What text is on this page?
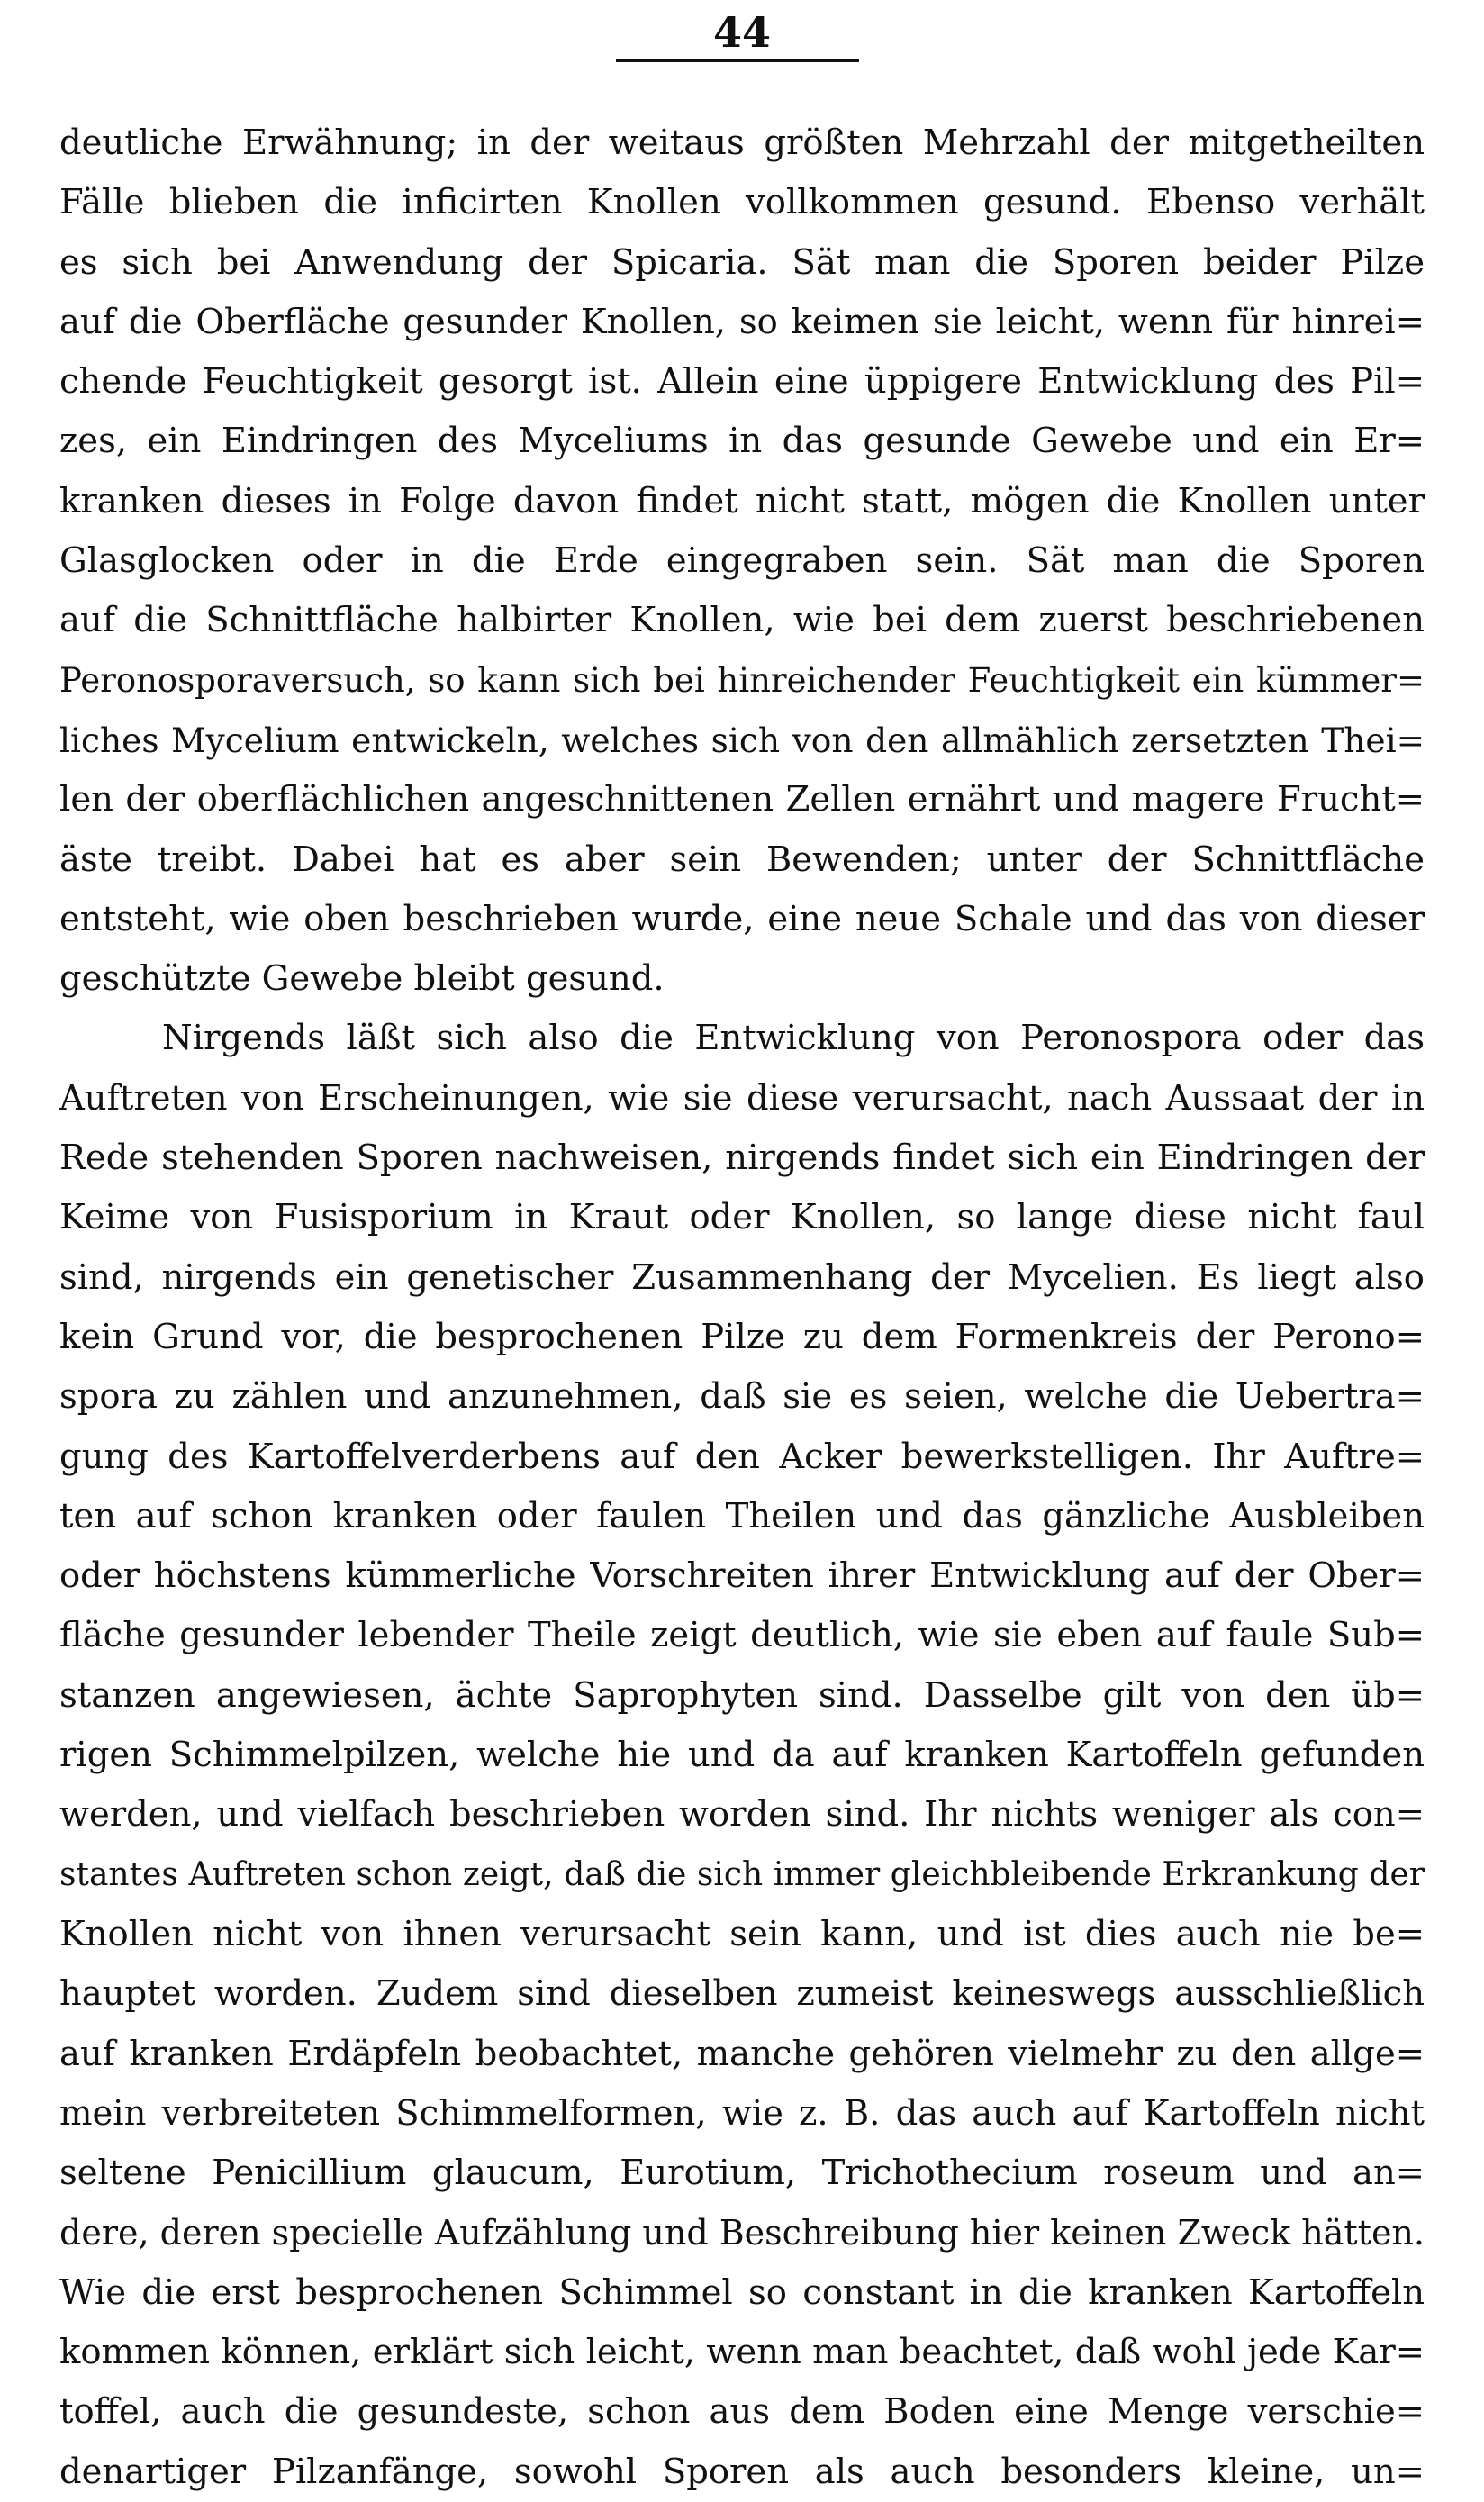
44
deutliche Erwähnung; in der weitaus größten Mehrzahl der mitgetheilten
Fälle blieben die inficirten Knollen vollkommen gesund. Ebenso verhält
es sich bei Anwendung der Spicaria. Sät man die Sporen beider Pilze
auf die Oberfläche gesunder Knollen, so keimen sie leicht, wenn für hinrei=
chende Feuchtigkeit gesorgt ist. Allein eine üppigere Entwicklung des Pil=
zes, ein Eindringen des Myceliums in das gesunde Gewebe und ein Er=
kranken dieses in Folge davon findet nicht statt, mögen die Knollen unter
Glasglocken oder in die Erde eingegraben sein. Sät man die Sporen
auf die Schnittfläche halbirter Knollen, wie bei dem zuerst beschriebenen
Peronosporaversuch, so kann sich bei hinreichender Feuchtigkeit ein kümmer=
liches Mycelium entwickeln, welches sich von den allmählich zersetzten Thei=
len der oberflächlichen angeschnittenen Zellen ernährt und magere Frucht=
äste treibt. Dabei hat es aber sein Bewenden; unter der Schnittfläche
entsteht, wie oben beschrieben wurde, eine neue Schale und das von dieser
geschützte Gewebe bleibt gesund.
Nirgends läßt sich also die Entwicklung von Peronospora oder das
Auftreten von Erscheinungen, wie sie diese verursacht, nach Aussaat der in
Rede stehenden Sporen nachweisen, nirgends findet sich ein Eindringen der
Keime von Fusisporium in Kraut oder Knollen, so lange diese nicht faul
sind, nirgends ein genetischer Zusammenhang der Mycelien. Es liegt also
kein Grund vor, die besprochenen Pilze zu dem Formenkreis der Perono=
spora zu zählen und anzunehmen, daß sie es seien, welche die Uebertra=
gung des Kartoffelverderbens auf den Acker bewerkstelligen. Ihr Auftre=
ten auf schon kranken oder faulen Theilen und das gänzliche Ausbleiben
oder höchstens kümmerliche Vorschreiten ihrer Entwicklung auf der Ober=
fläche gesunder lebender Theile zeigt deutlich, wie sie eben auf faule Sub=
stanzen angewiesen, ächte Saprophyten sind. Dasselbe gilt von den üb=
rigen Schimmelpilzen, welche hie und da auf kranken Kartoffeln gefunden
werden, und vielfach beschrieben worden sind. Ihr nichts weniger als con=
stantes Auftreten schon zeigt, daß die sich immer gleichbleibende Erkrankung der
Knollen nicht von ihnen verursacht sein kann, und ist dies auch nie be=
hauptet worden. Zudem sind dieselben zumeist keineswegs ausschließlich
auf kranken Erdäpfeln beobachtet, manche gehören vielmehr zu den allge=
mein verbreiteten Schimmelformen, wie z. B. das auch auf Kartoffeln nicht
seltene Penicillium glaucum, Eurotium, Trichothecium roseum und an=
dere, deren specielle Aufzählung und Beschreibung hier keinen Zweck hätten.
Wie die erst besprochenen Schimmel so constant in die kranken Kartoffeln
kommen können, erklärt sich leicht, wenn man beachtet, daß wohl jede Kar=
toffel, auch die gesundeste, schon aus dem Boden eine Menge verschie=
denartiger Pilzanfänge, sowohl Sporen als auch besonders kleine, un=
